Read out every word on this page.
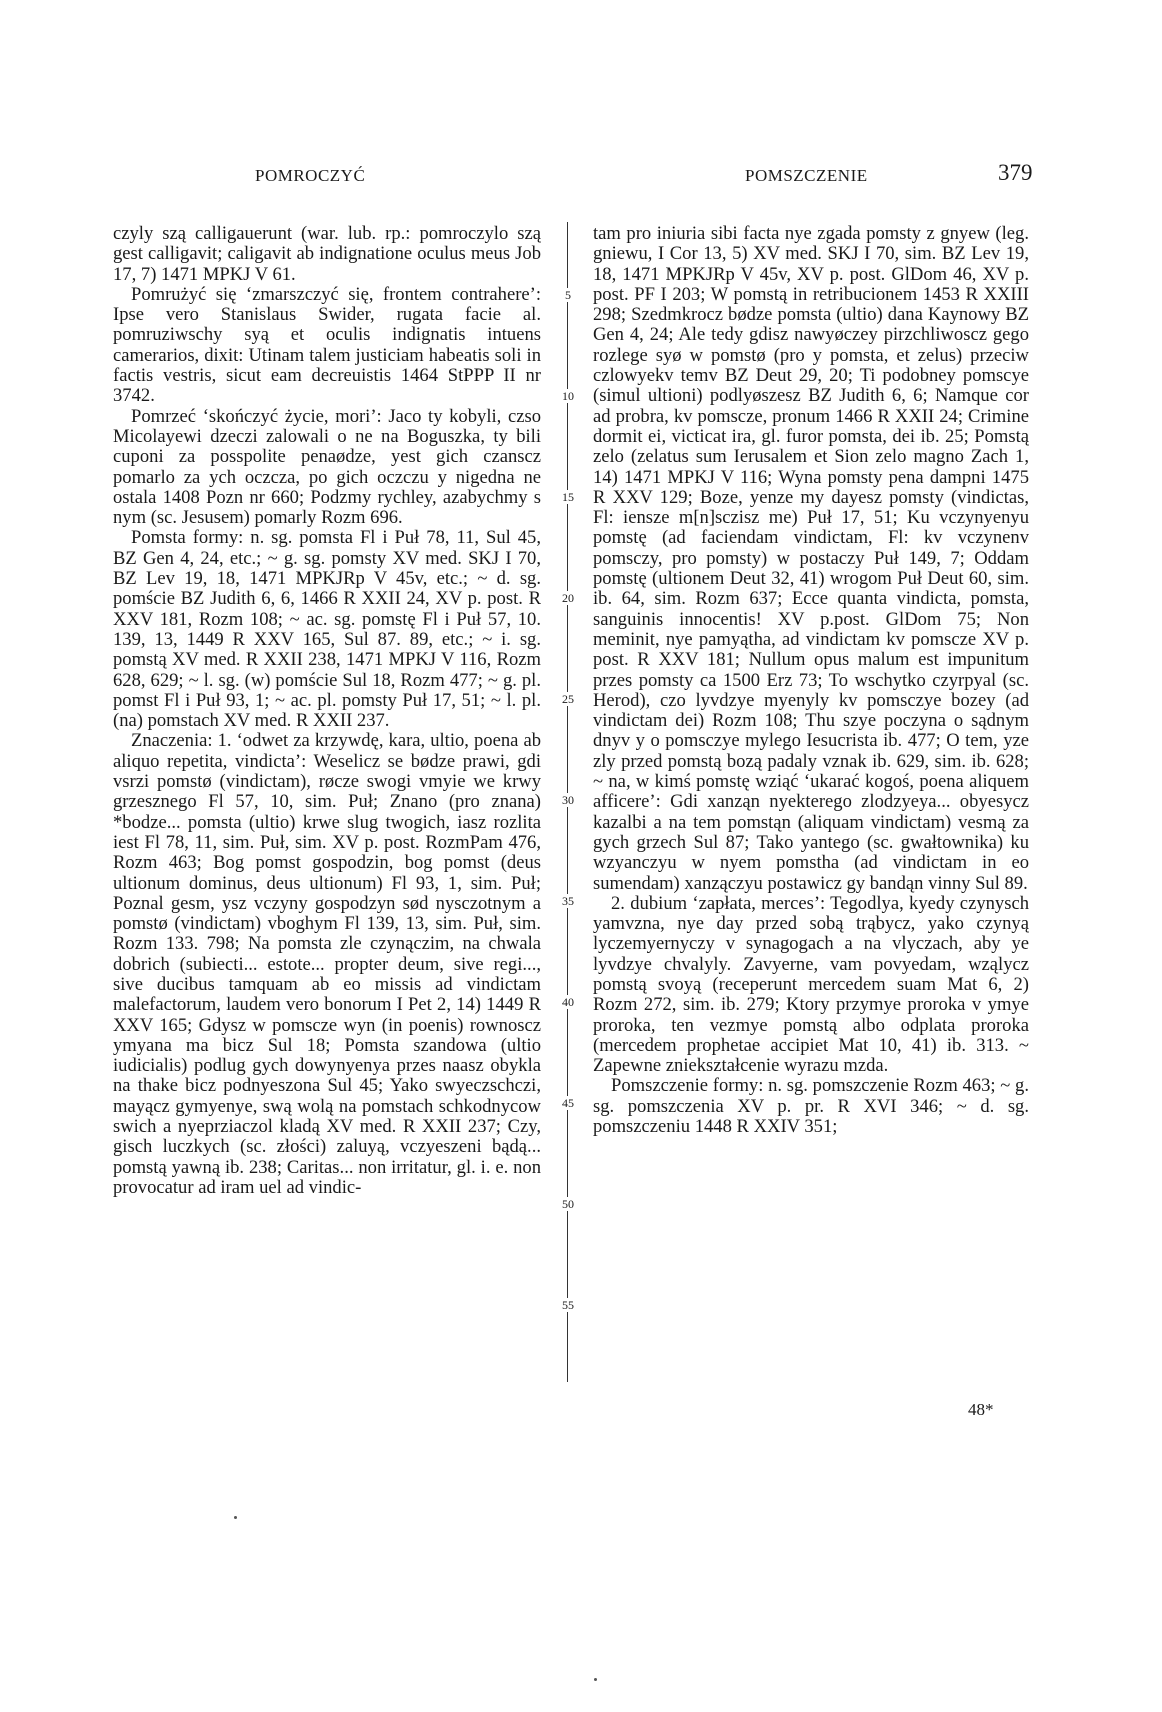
POMROCZYĆ	POMSZCZENIE	379

czyly szą calligauerunt (war. lub. rp.: pomroczylo szą gest calligavit; caligavit ab indignatione oculus meus Job 17, 7) 1471 MPKJ V 61.

Pomrużyć się ‘zmarszczyć się, frontem contrahere’: Ipse vero Stanislaus Swider, rugata facie al. pomruziwschy syą et oculis indignatis intuens camerarios, dixit: Utinam talem justiciam habeatis soli in factis vestris, sicut eam decreuistis 1464 StPPP II nr 3742.

Pomrzeć ‘skończyć życie, mori’: Jaco ty kobyli, czso Micolayewi dzeczi zalowali o ne na Boguszka, ty bili cuponi za posspolite penaødze, yest gich czanscz pomarlo za ych oczcza, po gich oczczu y nigedna ne ostala 1408 Pozn nr 660; Podzmy rychley, azabychmy s nym (sc. Jesusem) pomarly Rozm 696.

Pomsta formy: n. sg. pomsta Fl i Puł 78, 11, Sul 45, BZ Gen 4, 24, etc.; ~ g. sg. pomsty XV med. SKJ I 70, BZ Lev 19, 18, 1471 MPKJRp V 45v, etc.; ~ d. sg. pomście BZ Judith 6, 6, 1466 R XXII 24, XV p. post. R XXV 181, Rozm 108; ~ ac. sg. pomstę Fl i Puł 57, 10. 139, 13, 1449 R XXV 165, Sul 87. 89, etc.; ~ i. sg. pomstą XV med. R XXII 238, 1471 MPKJ V 116, Rozm 628, 629; ~ l. sg. (w) pomście Sul 18, Rozm 477; ~ g. pl. pomst Fl i Puł 93, 1; ~ ac. pl. pomsty Puł 17, 51; ~ l. pl. (na) pomstach XV med. R XXII 237.

Znaczenia: 1. ‘odwet za krzywdę, kara, ultio, poena ab aliquo repetita, vindicta’: Weselicz se bødze prawi, gdi vsrzi pomstø (vindictam), røcze swogi vmyie we krwy grzesznego Fl 57, 10, sim. Puł; Znano (pro znana) *bodze... pomsta (ultio) krwe slug twogich, iasz rozlita iest Fl 78, 11, sim. Puł, sim. XV p. post. RozmPam 476, Rozm 463; Bog pomst gospodzin, bog pomst (deus ultionum dominus, deus ultionum) Fl 93, 1, sim. Puł; Poznal gesm, ysz vczyny gospodzyn sød nysczotnym a pomstø (vindictam) vboghym Fl 139, 13, sim. Puł, sim. Rozm 133. 798; Na pomsta zle czynączim, na chwala dobrich (subiecti... estote... propter deum, sive regi..., sive ducibus tamquam ab eo missis ad vindictam malefactorum, laudem vero bonorum I Pet 2, 14) 1449 R XXV 165; Gdysz w pomscze wyn (in poenis) rownoscz ymyana ma bicz Sul 18; Pomsta szandowa (ultio iudicialis) podlug gych dowynyenya przes naasz obykla na thake bicz podnyeszona Sul 45; Yako swyeczschczi, mayącz gymyenye, swą wolą na pomstach schkodnycow swich a nyeprziaczol kladą XV med. R XXII 237; Czy, gisch luczkych (sc. złości) zaluyą, vczyeszeni bądą... pomstą yawną ib. 238; Caritas... non irritatur, gl. i. e. non provocatur ad iram uel ad vindic-

5
10
15
20
25
30
35
40
45
50
55

tam pro iniuria sibi facta nye zgada pomsty z gnyew (leg. gniewu, I Cor 13, 5) XV med. SKJ I 70, sim. BZ Lev 19, 18, 1471 MPKJRp V 45v, XV p. post. GlDom 46, XV p. post. PF I 203; W pomstą in retribucionem 1453 R XXIII 298; Szedmkrocz bødze pomsta (ultio) dana Kaynowy BZ Gen 4, 24; Ale tedy gdisz nawyøczey pirzchliwoscz gego rozlege syø w pomstø (pro y pomsta, et zelus) przeciw czlowyekv temv BZ Deut 29, 20; Ti podobney pomscye (simul ultioni) podlyøszesz BZ Judith 6, 6; Namque cor ad probra, kv pomscze, pronum 1466 R XXII 24; Crimine dormit ei, victicat ira, gl. furor pomsta, dei ib. 25; Pomstą zelo (zelatus sum Ierusalem et Sion zelo magno Zach 1, 14) 1471 MPKJ V 116; Wyna pomsty pena dampni 1475 R XXV 129; Boze, yenze my dayesz pomsty (vindictas, Fl: iensze m[n]sczisz me) Puł 17, 51; Ku vczynyenyu pomstę (ad faciendam vindictam, Fl: kv vczynenv pomsczy, pro pomsty) w postaczy Puł 149, 7; Oddam pomstę (ultionem Deut 32, 41) wrogom Puł Deut 60, sim. ib. 64, sim. Rozm 637; Ecce quanta vindicta, pomsta, sanguinis innocentis! XV p.post. GlDom 75; Non meminit, nye pamyątha, ad vindictam kv pomscze XV p. post. R XXV 181; Nullum opus malum est impunitum przes pomsty ca 1500 Erz 73; To wschytko czyrpyal (sc. Herod), czo lyvdzye myenyly kv pomsczye bozey (ad vindictam dei) Rozm 108; Thu szye poczyna o sądnym dnyv y o pomsczye mylego Iesucrista ib. 477; O tem, yze zly przed pomstą bozą padaly vznak ib. 629, sim. ib. 628; ~ na, w kimś pomstę wziąć ‘ukarać kogoś, poena aliquem afficere’: Gdi xanząn nyekterego zlodzyeya... obyesycz kazalbi a na tem pomstąn (aliquam vindictam) vesmą za gych grzech Sul 87; Tako yantego (sc. gwałtownika) ku wzyanczyu w nyem pomstha (ad vindictam in eo sumendam) xanzączyu postawicz gy bandąn vinny Sul 89.

2. dubium ‘zapłata, merces’: Tegodlya, kyedy czynysch yamvzna, nye day przed sobą trąbycz, yako czynyą lyczemyernyczy v synagogach a na vlyczach, aby ye lyvdzye chvalyly. Zavyerne, vam povyedam, wząlycz pomstą svoyą (receperunt mercedem suam Mat 6, 2) Rozm 272, sim. ib. 279; Ktory przymye proroka v ymye proroka, ten vezmye pomstą albo odplata proroka (mercedem prophetae accipiet Mat 10, 41) ib. 313. ~ Zapewne zniekształcenie wyrazu mzda.

Pomszczenie formy: n. sg. pomszczenie Rozm 463; ~ g. sg. pomszczenia XV p. pr. R XVI 346; ~ d. sg. pomszczeniu 1448 R XXIV 351;

48*
